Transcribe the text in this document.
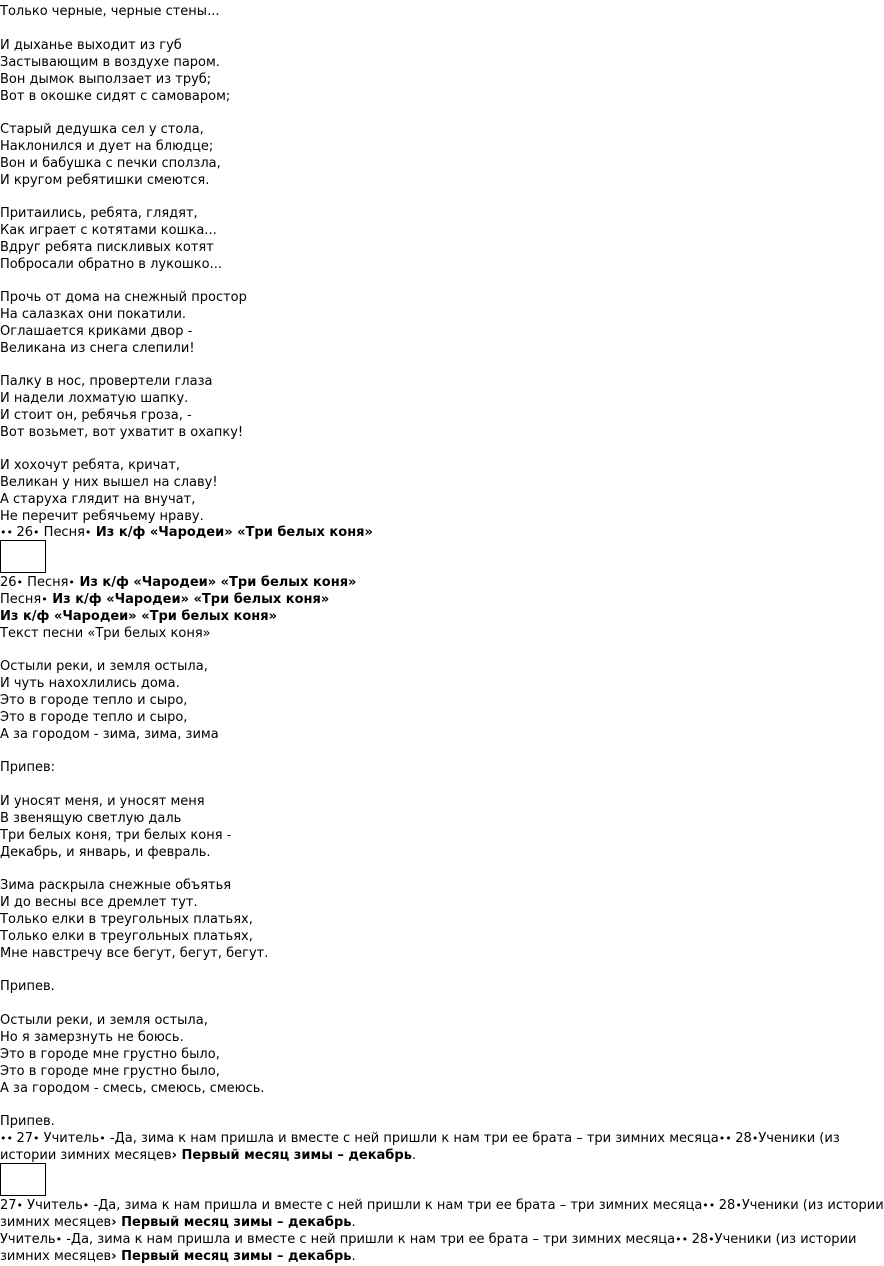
Только черные, черные стены...
И дыханье выходит из губ
Застывающим в воздухе паром.
Вон дымок выползает из труб;
Вот в окошке сидят с самоваром;
Старый дедушка сел у стола,
Наклонился и дует на блюдце;
Вон и бабушка с печки сползла,
И кругом ребятишки смеются.
Притаились, ребята, глядят,
Как играет с котятами кошка...
Вдруг ребята пискливых котят
Побросали обратно в лукошко...
Прочь от дома на снежный простор
На салазках они покатили.
Оглашается криками двор -
Великана из снега слепили!
Палку в нос, провертели глаза
И надели лохматую шапку.
И стоит он, ребячья гроза, -
Вот возьмет, вот ухватит в охапку!
И хохочут ребята, кричат,
Великан у них вышел на славу!
А старуха глядит на внучат,
Не перечит ребячьему нраву.
•• 26• Песня• Из к/ф «Чародеи» «Три белых коня»
26• Песня• Из к/ф «Чародеи» «Три белых коня»
Песня• Из к/ф «Чародеи» «Три белых коня»
Из к/ф «Чародеи» «Три белых коня»
Текст песни «Три белых коня»
Остыли реки, и земля остыла,
И чуть нахохлились дома.
Это в городе тепло и сыро,
Это в городе тепло и сыро,
А за городом - зима, зима, зима
Припев:
И уносят меня, и уносят меня
В звенящую светлую даль
Три белых коня, три белых коня -
Декабрь, и январь, и февраль.
Зима раскрыла снежные объятья
И до весны все дремлет тут.
Только елки в треугольных платьях,
Только елки в треугольных платьях,
Мне навстречу все бегут, бегут, бегут.
Припев.
Остыли реки, и земля остыла,
Но я замерзнуть не боюсь.
Это в городе мне грустно было,
Это в городе мне грустно было,
А за городом - смесь, смеюсь, смеюсь.
Припев.
•• 27• Учитель• -Да, зима к нам пришла и вместе с ней пришли к нам три ее брата – три зимних месяца•• 28• Ученики (из
истории зимних месяцев› Первый месяц зимы – декабрь.
27• Учитель• -Да, зима к нам пришла и вместе с ней пришли к нам три ее брата – три зимних месяца•• 28• Ученики (из истории
зимних месяцев› Первый месяц зимы – декабрь.
Учитель• -Да, зима к нам пришла и вместе с ней пришли к нам три ее брата – три зимних месяца•• 28• Ученики (из истории
зимних месяцев› Первый месяц зимы – декабрь.
